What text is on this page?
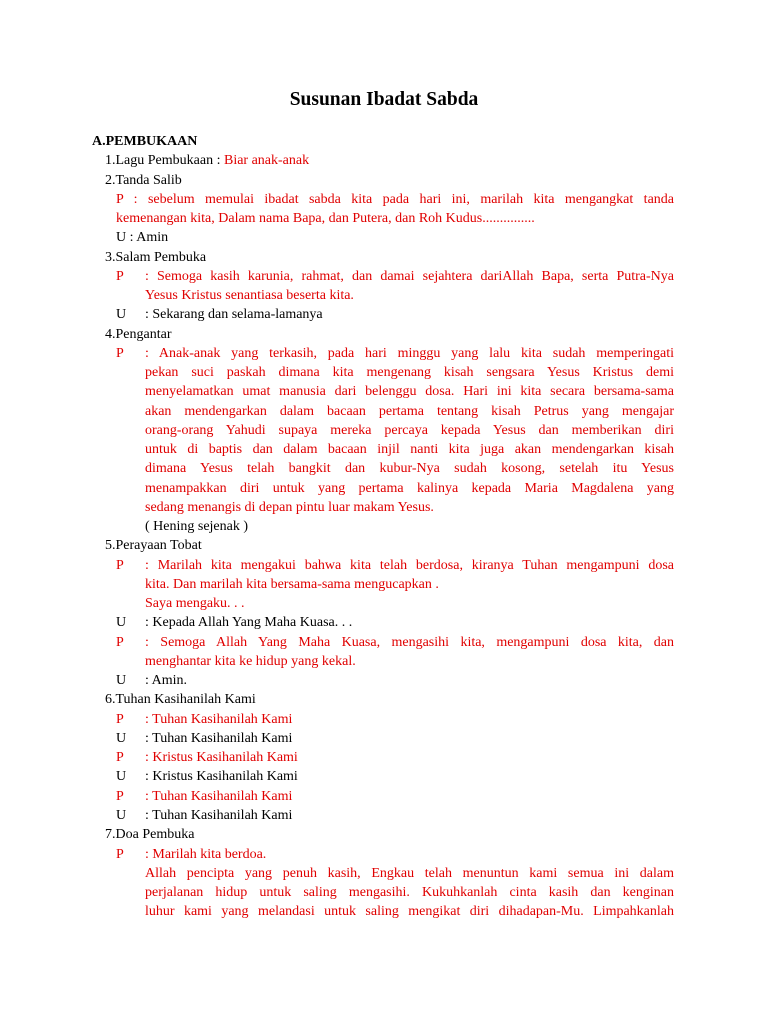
Susunan Ibadat Sabda
A.PEMBUKAAN
1.Lagu Pembukaan : Biar anak-anak
2.Tanda Salib
P : sebelum memulai ibadat sabda kita pada hari ini, marilah kita mengangkat tanda
kemenangan kita, Dalam nama Bapa, dan Putera, dan Roh Kudus...............
U : Amin
3.Salam Pembuka
P : Semoga kasih karunia, rahmat, dan damai sejahtera dariAllah Bapa, serta Putra-Nya
Yesus Kristus senantiasa beserta kita.
U : Sekarang dan selama-lamanya
4.Pengantar
P : Anak-anak yang terkasih, pada hari minggu yang lalu kita sudah memperingati
pekan suci paskah dimana kita mengenang kisah sengsara Yesus Kristus demi
menyelamatkan umat manusia dari belenggu dosa. Hari ini kita secara bersama-sama
akan mendengarkan dalam bacaan pertama tentang kisah Petrus yang mengajar
orang-orang Yahudi supaya mereka percaya kepada Yesus dan memberikan diri
untuk di baptis dan dalam bacaan injil nanti kita juga akan mendengarkan kisah
dimana Yesus telah bangkit dan kubur-Nya sudah kosong, setelah itu Yesus
menampakkan diri untuk yang pertama kalinya kepada Maria Magdalena yang
sedang menangis di depan pintu luar makam Yesus.
( Hening sejenak )
5.Perayaan Tobat
P : Marilah kita mengakui bahwa kita telah berdosa, kiranya Tuhan mengampuni dosa
kita. Dan marilah kita bersama-sama mengucapkan .
Saya mengaku. . .
U : Kepada Allah Yang Maha Kuasa. . .
P : Semoga Allah Yang Maha Kuasa, mengasihi kita, mengampuni dosa kita, dan
menghantar kita ke hidup yang kekal.
U : Amin.
6.Tuhan Kasihanilah Kami
P : Tuhan Kasihanilah Kami
U : Tuhan Kasihanilah Kami
P : Kristus Kasihanilah Kami
U : Kristus Kasihanilah Kami
P : Tuhan Kasihanilah Kami
U : Tuhan Kasihanilah Kami
7.Doa Pembuka
P : Marilah kita berdoa.
Allah pencipta yang penuh kasih, Engkau telah menuntun kami semua ini dalam
perjalanan hidup untuk saling mengasihi. Kukuhkanlah cinta kasih dan kenginan
luhur kami yang melandasi untuk saling mengikat diri dihadapan-Mu. Limpahkanlah
